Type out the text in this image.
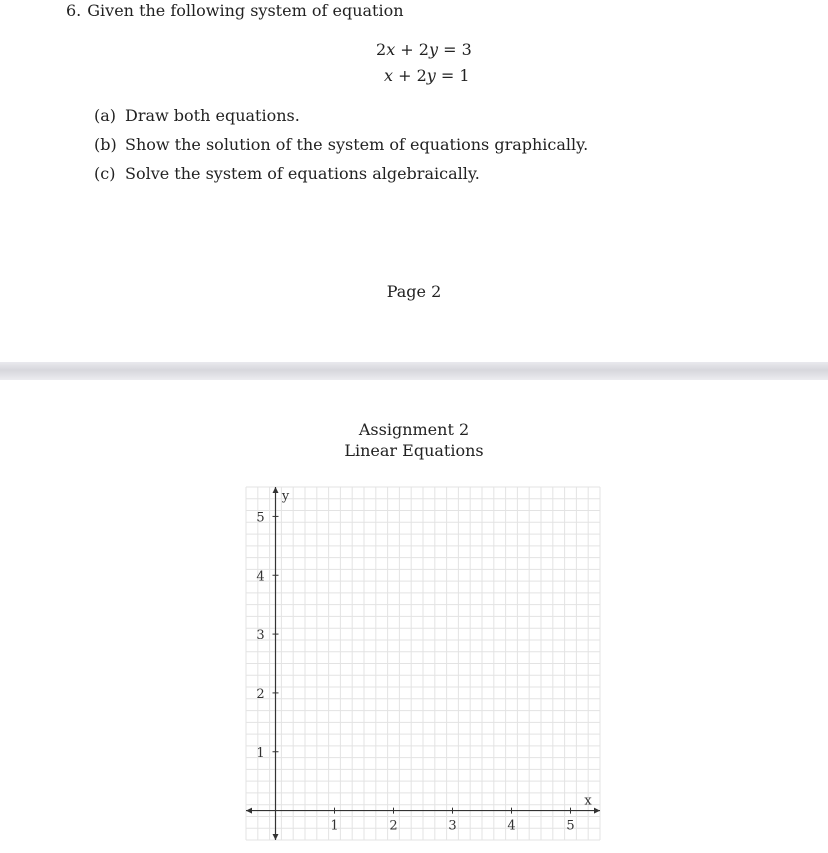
6. Given the following system of equation
2x + 2y = 3
x + 2y = 1
(a) Draw both equations.
(b) Show the solution of the system of equations graphically.
(c) Solve the system of equations algebraically.
Page 2
Assignment 2
Linear Equations
1	2	3	4	5
1
2
3
4
5
x
y
